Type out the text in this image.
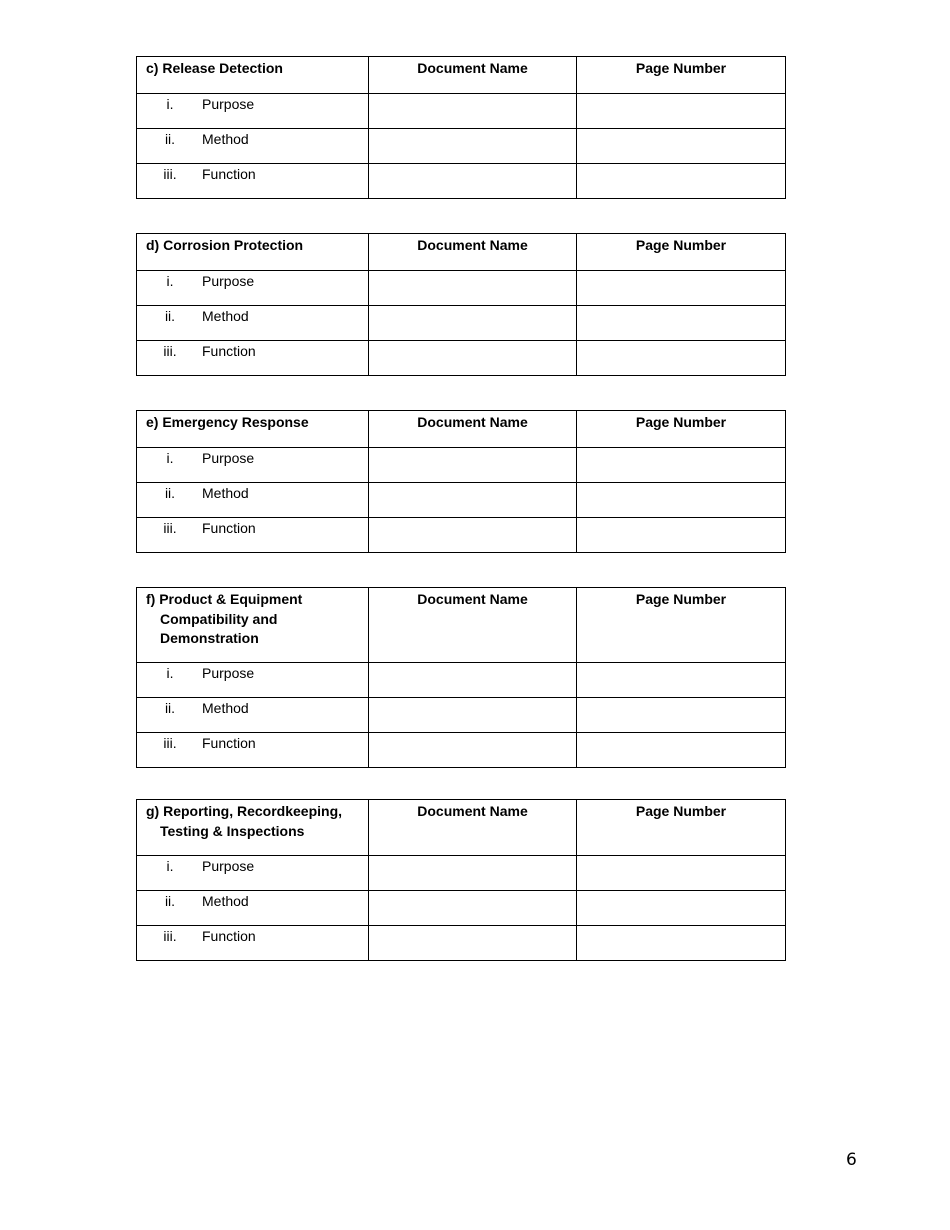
c) Release Detection	Document Name	Page Number

i. Purpose		

ii. Method		

iii. Function		

d) Corrosion Protection	Document Name	Page Number

i. Purpose		

ii. Method		

iii. Function		

e) Emergency Response	Document Name	Page Number

i. Purpose		

ii. Method		

iii. Function		

f) Product & Equipment
Compatibility and
Demonstration	Document Name	Page Number

i. Purpose		

ii. Method		

iii. Function		

g) Reporting, Recordkeeping,
Testing & Inspections	Document Name	Page Number

i. Purpose		

ii. Method		

iii. Function		

6
